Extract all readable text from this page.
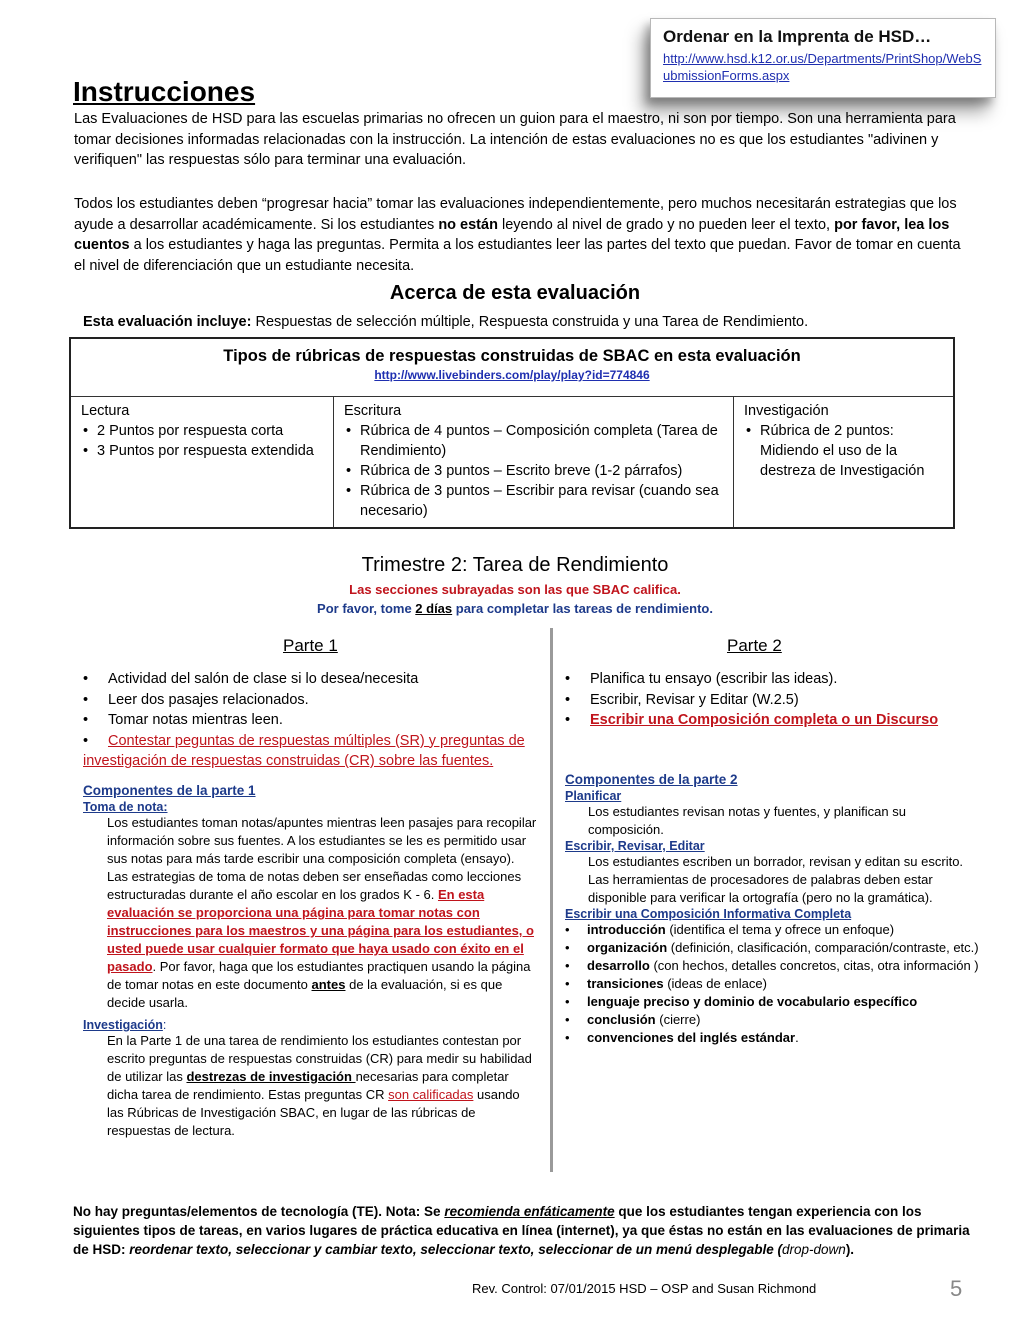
Ordenar en la Imprenta de HSD…
http://www.hsd.k12.or.us/Departments/PrintShop/WebSubmissionForms.aspx
Instrucciones
Las Evaluaciones de HSD para las escuelas primarias no ofrecen un guion para el maestro, ni son por tiempo. Son una herramienta para tomar decisiones informadas relacionadas con la instrucción. La intención de estas evaluaciones no es que los estudiantes "adivinen y verifiquen" las respuestas sólo para terminar una evaluación.
Todos los estudiantes deben “progresar hacia” tomar las evaluaciones independientemente, pero muchos necesitarán estrategias que los ayude a desarrollar académicamente. Si los estudiantes no están leyendo al nivel de grado y no pueden leer el texto, por favor, lea los cuentos a los estudiantes y haga las preguntas. Permita a los estudiantes leer las partes del texto que puedan. Favor de tomar en cuenta el nivel de diferenciación que un estudiante necesita.
Acerca de esta evaluación
Esta evaluación incluye: Respuestas de selección múltiple, Respuesta construida y una Tarea de Rendimiento.
Tipos de rúbricas de respuestas construidas de SBAC en esta evaluación
http://www.livebinders.com/play/play?id=774846
Lectura
• 2 Puntos por respuesta corta
• 3 Puntos por respuesta extendida
Escritura
• Rúbrica de 4 puntos – Composición completa (Tarea de Rendimiento)
• Rúbrica de 3 puntos – Escrito breve (1-2 párrafos)
• Rúbrica de 3 puntos – Escribir para revisar (cuando sea necesario)
Investigación
• Rúbrica de 2 puntos: Midiendo el uso de la destreza de Investigación
Trimestre 2: Tarea de Rendimiento
Las secciones subrayadas son las que SBAC califica.
Por favor, tome 2 días para completar las tareas de rendimiento.
Parte 1
• Actividad del salón de clase si lo desea/necesita
• Leer dos pasajes relacionados.
• Tomar notas mientras leen.
• Contestar peguntas de respuestas múltiples (SR) y preguntas de investigación de respuestas construidas (CR) sobre las fuentes.
Componentes de la parte 1
Toma de nota:
Los estudiantes toman notas/apuntes mientras leen pasajes para recopilar información sobre sus fuentes. A los estudiantes se les es permitido usar sus notas para más tarde escribir una composición completa (ensayo). Las estrategias de toma de notas deben ser enseñadas como lecciones estructuradas durante el año escolar en los grados K - 6. En esta evaluación se proporciona una página para tomar notas con instrucciones para los maestros y una página para los estudiantes, o usted puede usar cualquier formato que haya usado con éxito en el pasado. Por favor, haga que los estudiantes practiquen usando la página de tomar notas en este documento antes de la evaluación, si es que decide usarla.
Investigación:
En la Parte 1 de una tarea de rendimiento los estudiantes contestan por escrito preguntas de respuestas construidas (CR) para medir su habilidad de utilizar las destrezas de investigación necesarias para completar dicha tarea de rendimiento. Estas preguntas CR son calificadas usando las Rúbricas de Investigación SBAC, en lugar de las rúbricas de respuestas de lectura.
Parte 2
• Planifica tu ensayo (escribir las ideas).
• Escribir, Revisar y Editar (W.2.5)
• Escribir una Composición completa o un Discurso
Componentes de la parte 2
Planificar
Los estudiantes revisan notas y fuentes, y planifican su composición.
Escribir, Revisar, Editar
Los estudiantes escriben un borrador, revisan y editan su escrito.
Las herramientas de procesadores de palabras deben estar disponible para verificar la ortografía (pero no la gramática).
Escribir una Composición Informativa Completa
• introducción (identifica el tema y ofrece un enfoque)
• organización (definición, clasificación, comparación/contraste, etc.)
• desarrollo (con hechos, detalles concretos, citas, otra información )
• transiciones (ideas de enlace)
• lenguaje preciso y dominio de vocabulario específico
• conclusión (cierre)
• convenciones del inglés estándar.
No hay preguntas/elementos de tecnología (TE). Nota: Se recomienda enfáticamente que los estudiantes tengan experiencia con los siguientes tipos de tareas, en varios lugares de práctica educativa en línea (internet), ya que éstas no están en las evaluaciones de primaria de HSD: reordenar texto, seleccionar y cambiar texto, seleccionar texto, seleccionar de un menú desplegable (drop-down).
Rev. Control: 07/01/2015 HSD – OSP and Susan Richmond	5
